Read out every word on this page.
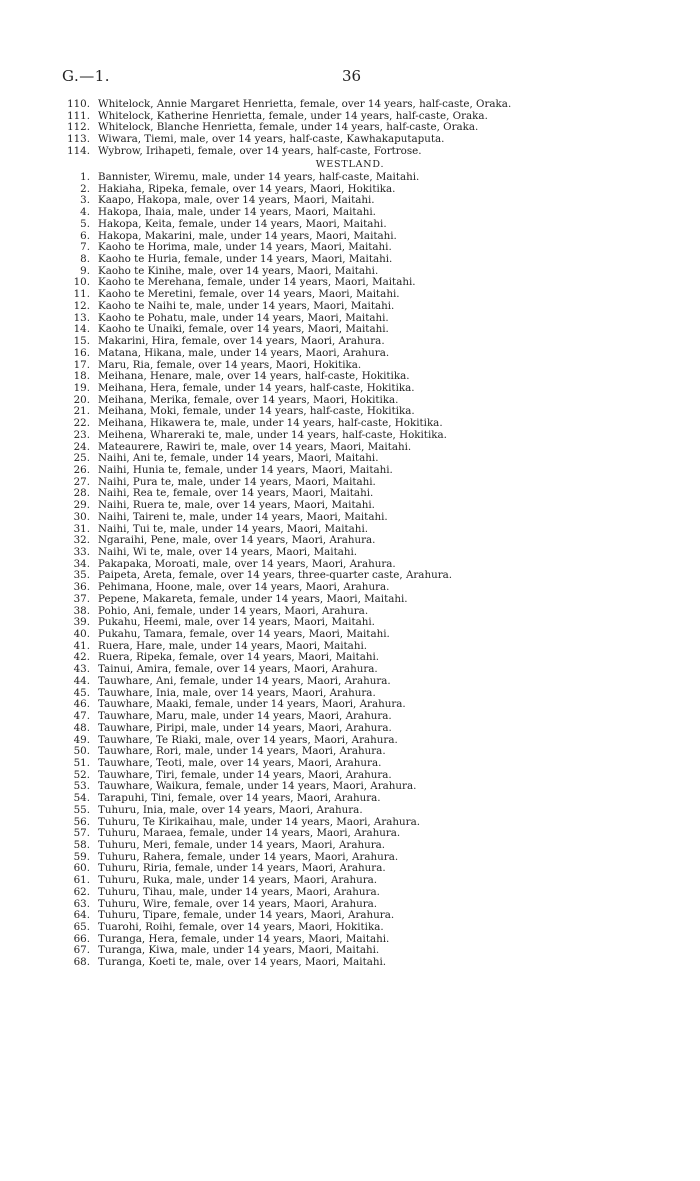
G.—1.	36
110. Whitelock, Annie Margaret Henrietta, female, over 14 years, half-caste, Oraka.
111. Whitelock, Katherine Henrietta, female, under 14 years, half-caste, Oraka.
112. Whitelock, Blanche Henrietta, female, under 14 years, half-caste, Oraka.
113. Wiwara, Tiemi, male, over 14 years, half-caste, Kawhakaputaputa.
114. Wybrow, Irihapeti, female, over 14 years, half-caste, Fortrose.
WESTLAND.
1. Bannister, Wiremu, male, under 14 years, half-caste, Maitahi.
2. Hakiaha, Ripeka, female, over 14 years, Maori, Hokitika.
3. Kaapo, Hakopa, male, over 14 years, Maori, Maitahi.
4. Hakopa, Ihaia, male, under 14 years, Maori, Maitahi.
5. Hakopa, Keita, female, under 14 years, Maori, Maitahi.
6. Hakopa, Makarini, male, under 14 years, Maori, Maitahi.
7. Kaoho te Horima, male, under 14 years, Maori, Maitahi.
8. Kaoho te Huria, female, under 14 years, Maori, Maitahi.
9. Kaoho te Kinihe, male, over 14 years, Maori, Maitahi.
10. Kaoho te Merehana, female, under 14 years, Maori, Maitahi.
11. Kaoho te Meretini, female, over 14 years, Maori, Maitahi.
12. Kaoho te Naihi te, male, under 14 years, Maori, Maitahi.
13. Kaoho te Pohatu, male, under 14 years, Maori, Maitahi.
14. Kaoho te Unaiki, female, over 14 years, Maori, Maitahi.
15. Makarini, Hira, female, over 14 years, Maori, Arahura.
16. Matana, Hikana, male, under 14 years, Maori, Arahura.
17. Maru, Ria, female, over 14 years, Maori, Hokitika.
18. Meihana, Henare, male, over 14 years, half-caste, Hokitika.
19. Meihana, Hera, female, under 14 years, half-caste, Hokitika.
20. Meihana, Merika, female, over 14 years, Maori, Hokitika.
21. Meihana, Moki, female, under 14 years, half-caste, Hokitika.
22. Meihana, Hikawera te, male, under 14 years, half-caste, Hokitika.
23. Meihena, Whareraki te, male, under 14 years, half-caste, Hokitika.
24. Mateaurere, Rawiri te, male, over 14 years, Maori, Maitahi.
25. Naihi, Ani te, female, under 14 years, Maori, Maitahi.
26. Naihi, Hunia te, female, under 14 years, Maori, Maitahi.
27. Naihi, Pura te, male, under 14 years, Maori, Maitahi.
28. Naihi, Rea te, female, over 14 years, Maori, Maitahi.
29. Naihi, Ruera te, male, over 14 years, Maori, Maitahi.
30. Naihi, Taireni te, male, under 14 years, Maori, Maitahi.
31. Naihi, Tui te, male, under 14 years, Maori, Maitahi.
32. Ngaraihi, Pene, male, over 14 years, Maori, Arahura.
33. Naihi, Wi te, male, over 14 years, Maori, Maitahi.
34. Pakapaka, Moroati, male, over 14 years, Maori, Arahura.
35. Paipeta, Areta, female, over 14 years, three-quarter caste, Arahura.
36. Pehimana, Hoone, male, over 14 years, Maori, Arahura.
37. Pepene, Makareta, female, under 14 years, Maori, Maitahi.
38. Pohio, Ani, female, under 14 years, Maori, Arahura.
39. Pukahu, Heemi, male, over 14 years, Maori, Maitahi.
40. Pukahu, Tamara, female, over 14 years, Maori, Maitahi.
41. Ruera, Hare, male, under 14 years, Maori, Maitahi.
42. Ruera, Ripeka, female, over 14 years, Maori, Maitahi.
43. Tainui, Amira, female, over 14 years, Maori, Arahura.
44. Tauwhare, Ani, female, under 14 years, Maori, Arahura.
45. Tauwhare, Inia, male, over 14 years, Maori, Arahura.
46. Tauwhare, Maaki, female, under 14 years, Maori, Arahura.
47. Tauwhare, Maru, male, under 14 years, Maori, Arahura.
48. Tauwhare, Piripi, male, under 14 years, Maori, Arahura.
49. Tauwhare, Te Riaki, male, over 14 years, Maori, Arahura.
50. Tauwhare, Rori, male, under 14 years, Maori, Arahura.
51. Tauwhare, Teoti, male, over 14 years, Maori, Arahura.
52. Tauwhare, Tiri, female, under 14 years, Maori, Arahura.
53. Tauwhare, Waikura, female, under 14 years, Maori, Arahura.
54. Tarapuhi, Tini, female, over 14 years, Maori, Arahura.
55. Tuhuru, Inia, male, over 14 years, Maori, Arahura.
56. Tuhuru, Te Kirikaihau, male, under 14 years, Maori, Arahura.
57. Tuhuru, Maraea, female, under 14 years, Maori, Arahura.
58. Tuhuru, Meri, female, under 14 years, Maori, Arahura.
59. Tuhuru, Rahera, female, under 14 years, Maori, Arahura.
60. Tuhuru, Riria, female, under 14 years, Maori, Arahura.
61. Tuhuru, Ruka, male, under 14 years, Maori, Arahura.
62. Tuhuru, Tihau, male, under 14 years, Maori, Arahura.
63. Tuhuru, Wire, female, over 14 years, Maori, Arahura.
64. Tuhuru, Tipare, female, under 14 years, Maori, Arahura.
65. Tuarohi, Roihi, female, over 14 years, Maori, Hokitika.
66. Turanga, Hera, female, under 14 years, Maori, Maitahi.
67. Turanga, Kiwa, male, under 14 years, Maori, Maitahi.
68. Turanga, Koeti te, male, over 14 years, Maori, Maitahi.
